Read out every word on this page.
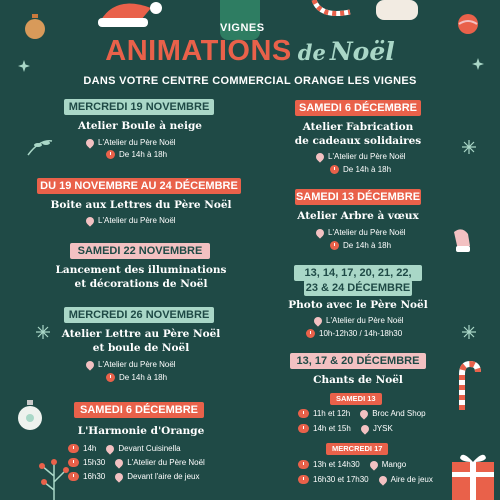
VIGNES
ANIMATIONS de Noël
DANS VOTRE CENTRE COMMERCIAL ORANGE LES VIGNES
MERCREDI 19 NOVEMBRE
Atelier Boule à neige
L'Atelier du Père Noël
De 14h à 18h
DU 19 NOVEMBRE AU 24 DÉCEMBRE
Boite aux Lettres du Père Noël
L'Atelier du Père Noël
SAMEDI 22 NOVEMBRE
Lancement des illuminations
et décorations de Noël
MERCREDI 26 NOVEMBRE
Atelier Lettre au Père Noël
et boule de Noël
L'Atelier du Père Noël
De 14h à 18h
SAMEDI 6 DÉCEMBRE
L'Harmonie d'Orange
14h	Devant Cuisinella
15h30	L'Atelier du Père Noël
16h30	Devant l'aire de jeux
SAMEDI 6 DÉCEMBRE
Atelier Fabrication
de cadeaux solidaires
L'Atelier du Père Noël
De 14h à 18h
SAMEDI 13 DÉCEMBRE
Atelier Arbre à vœux
L'Atelier du Père Noël
De 14h à 18h
13, 14, 17, 20, 21, 22,
23 & 24 DÉCEMBRE
Photo avec le Père Noël
L'Atelier du Père Noël
10h-12h30 / 14h-18h30
13, 17 & 20 DÉCEMBRE
Chants de Noël
SAMEDI 13
11h et 12h	Broc And Shop
14h et 15h	JYSK
MERCREDI 17
13h et 14h30	Mango
16h30 et 17h30	Aire de jeux
